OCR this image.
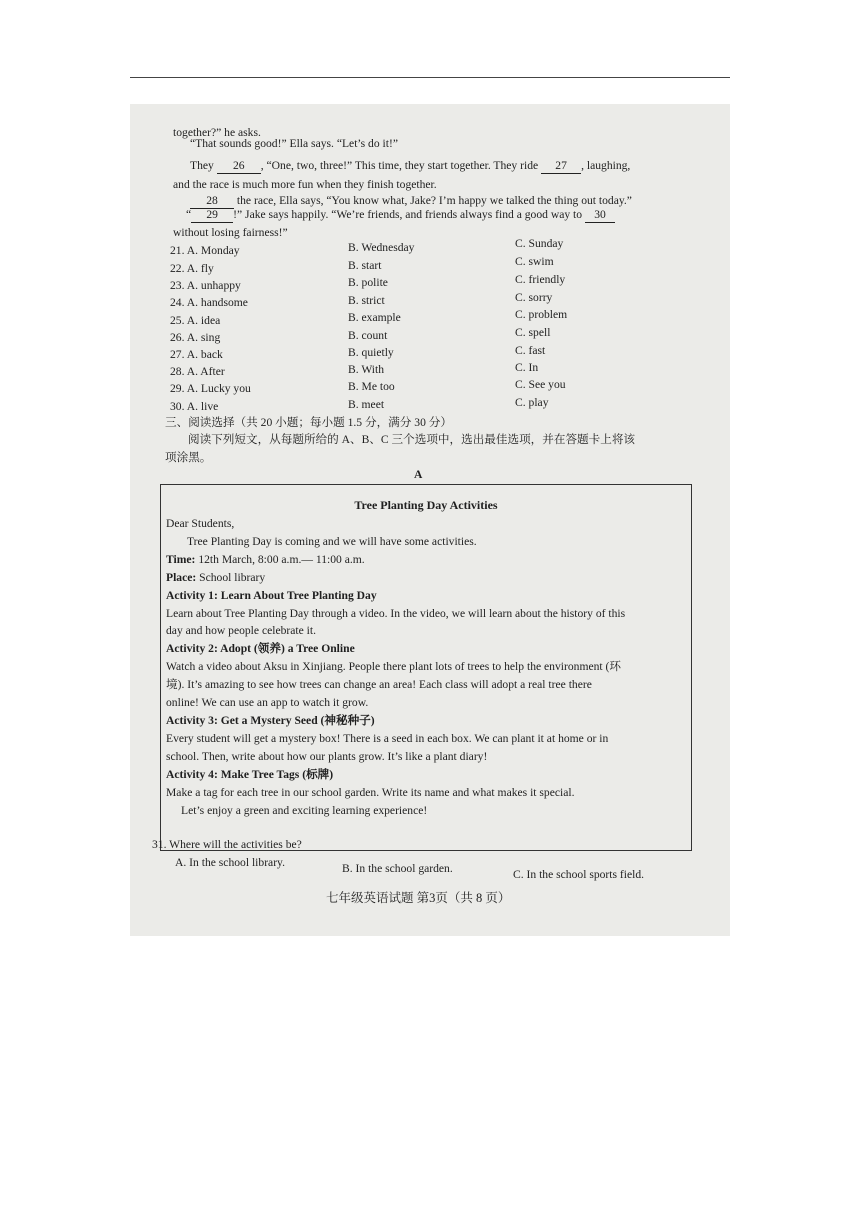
together?” he asks.
“That sounds good!” Ella says. “Let’s do it!”
They 26 , “One, two, three!” This time, they start together. They ride 27 , laughing,
and the race is much more fun when they finish together.
28 the race, Ella says, “You know what, Jake? I’m happy we talked the thing out today.”
“ 29 !” Jake says happily. “We’re friends, and friends always find a good way to 30
without losing fairness!”
21. A. Monday	B. Wednesday	C. Sunday
22. A. fly	B. start	C. swim
23. A. unhappy	B. polite	C. friendly
24. A. handsome	B. strict	C. sorry
25. A. idea	B. example	C. problem
26. A. sing	B. count	C. spell
27. A. back	B. quietly	C. fast
28. A. After	B. With	C. In
29. A. Lucky you	B. Me too	C. See you
30. A. live	B. meet	C. play
三、阅读选择（共 20 小题；每小题 1.5 分，满分 30 分）
阅读下列短文，从每题所给的 A、B、C 三个选项中，选出最佳选项，并在答题卡上将该
项涂黑。
A
Tree Planting Day Activities
Dear Students,
Tree Planting Day is coming and we will have some activities.
Time: 12th March, 8:00 a.m.— 11:00 a.m.
Place: School library
Activity 1: Learn About Tree Planting Day
Learn about Tree Planting Day through a video. In the video, we will learn about the history of this
day and how people celebrate it.
Activity 2: Adopt (领养) a Tree Online
Watch a video about Aksu in Xinjiang. People there plant lots of trees to help the environment (环
境). It’s amazing to see how trees can change an area! Each class will adopt a real tree there
online! We can use an app to watch it grow.
Activity 3: Get a Mystery Seed (神秘种子)
Every student will get a mystery box! There is a seed in each box. We can plant it at home or in
school. Then, write about how our plants grow. It’s like a plant diary!
Activity 4: Make Tree Tags (标牌)
Make a tag for each tree in our school garden. Write its name and what makes it special.
Let’s enjoy a green and exciting learning experience!
31. Where will the activities be?
A. In the school library.	B. In the school garden.	C. In the school sports field.
七年级英语试题 第3页（共 8 页）
